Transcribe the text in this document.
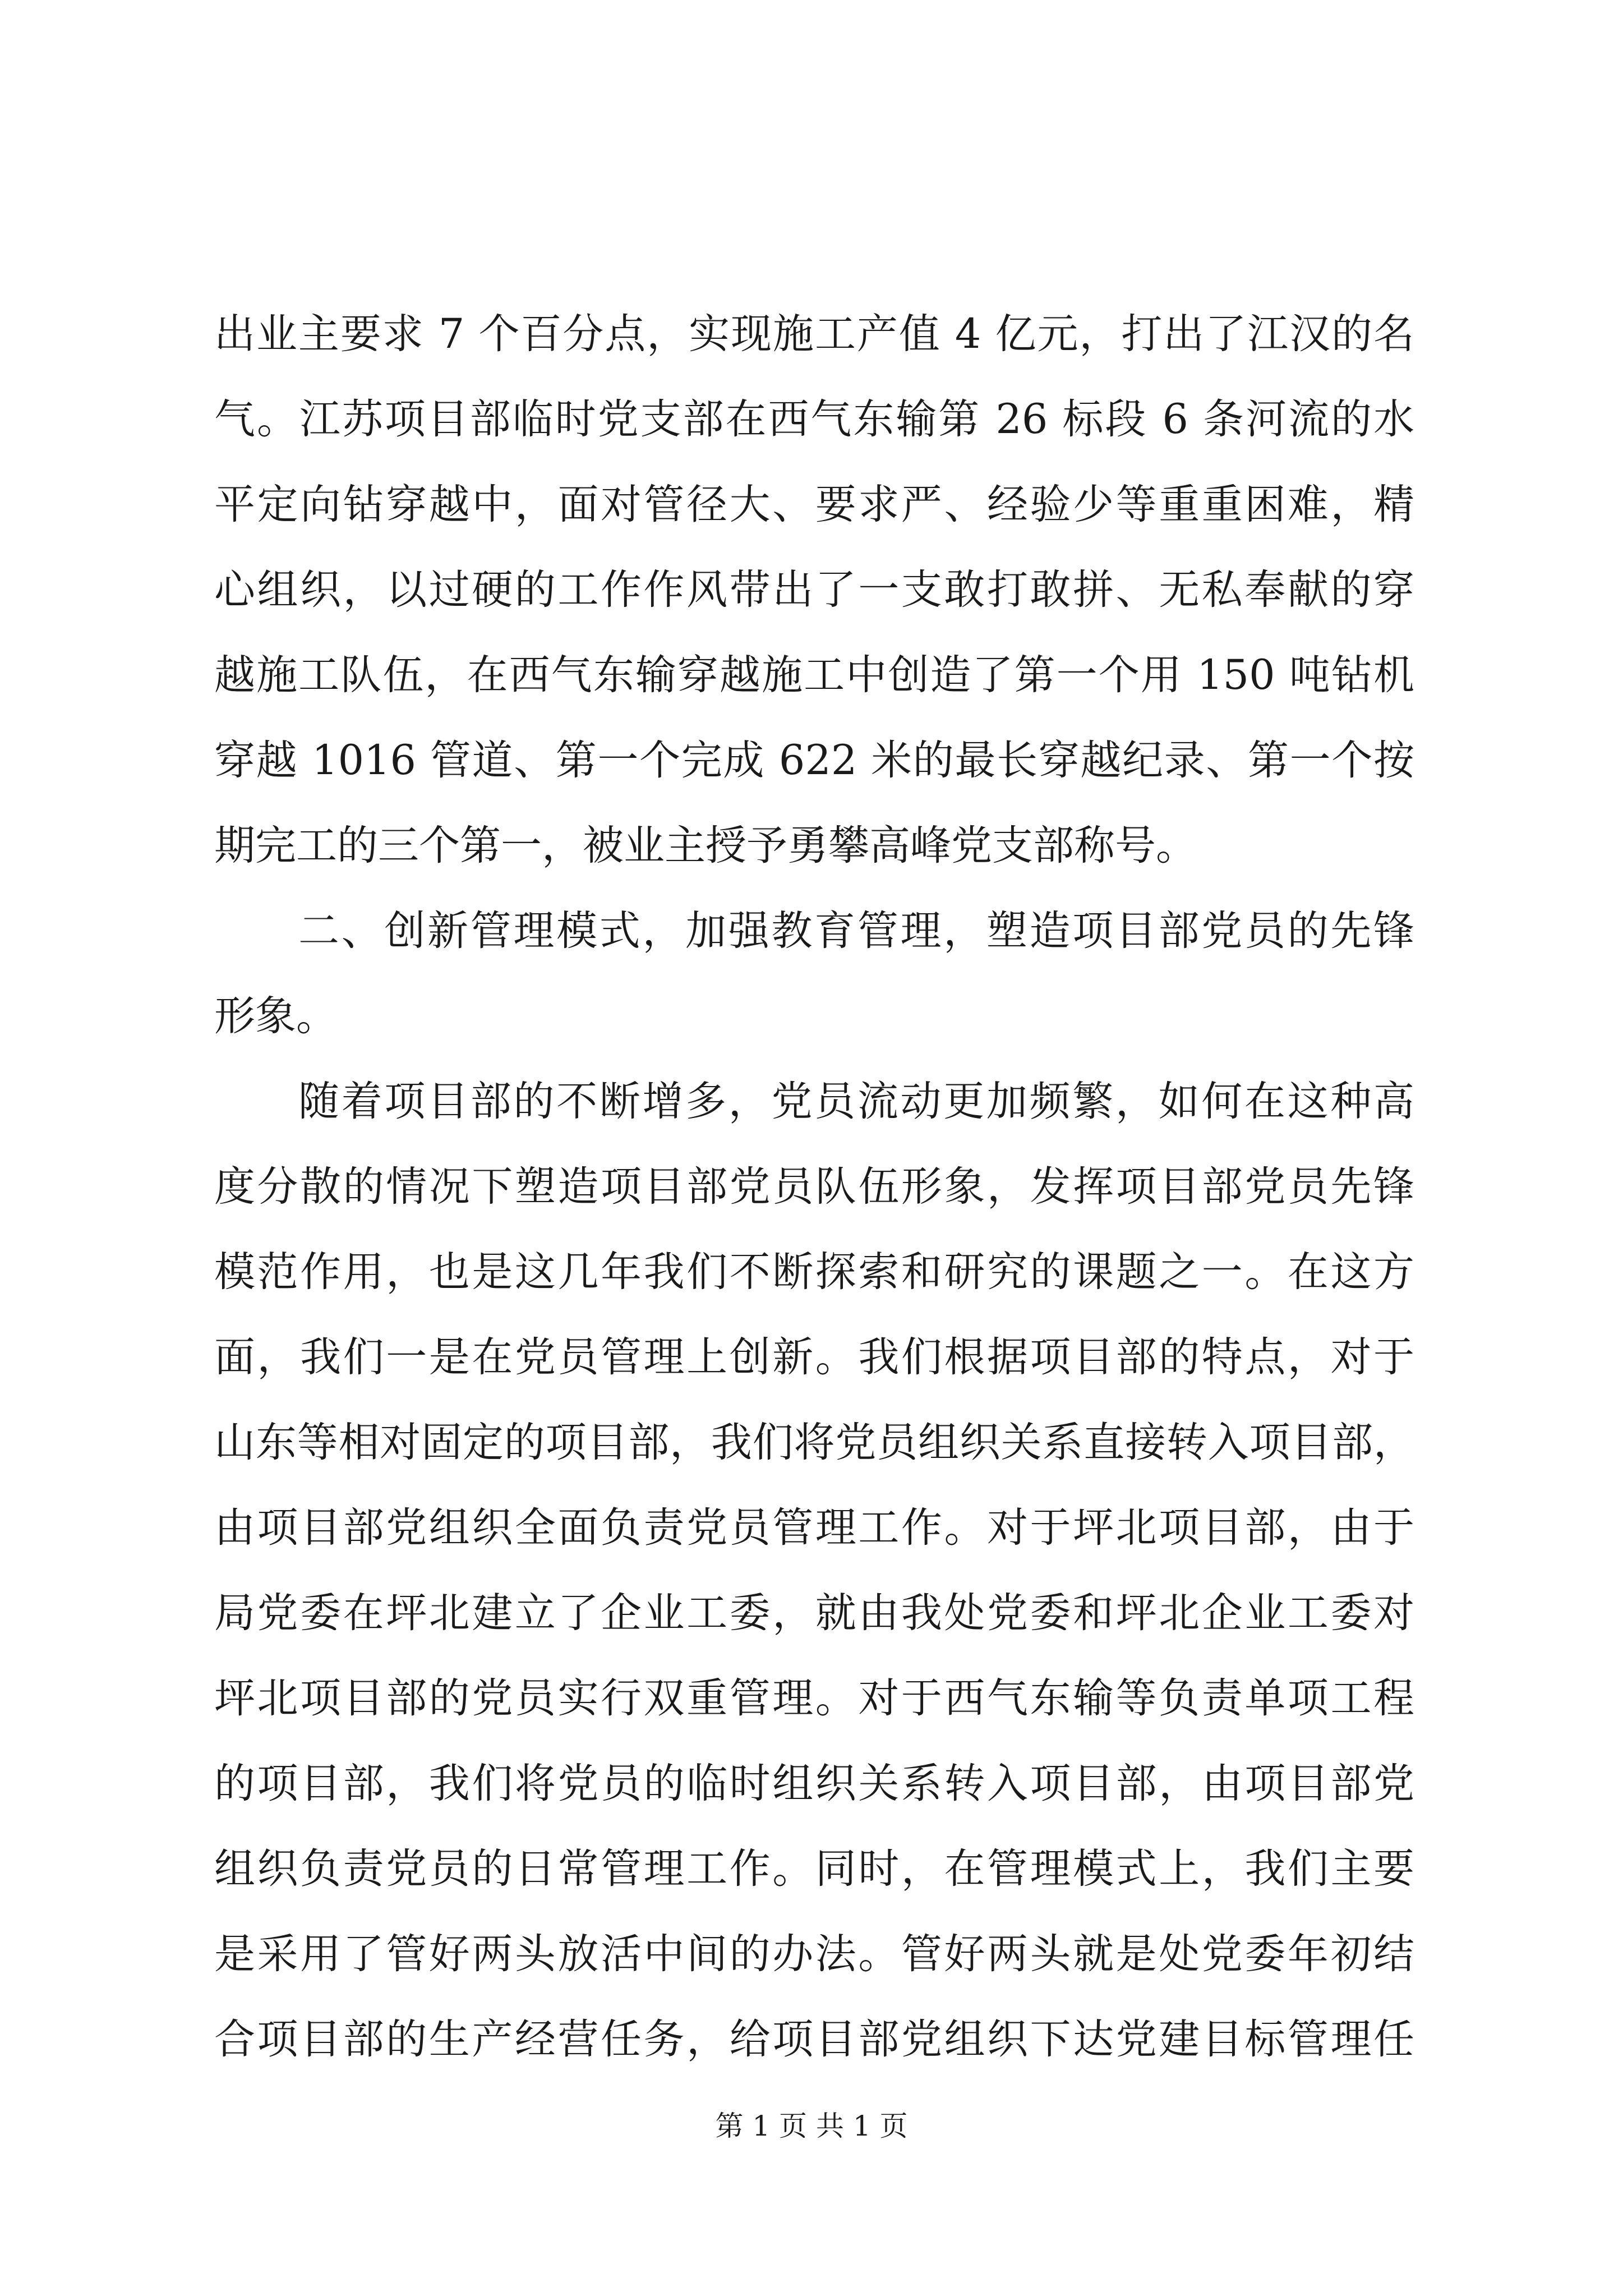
出业主要求 7 个百分点，实现施工产值 4 亿元，打出了江汉的名
气。江苏项目部临时党支部在西气东输第 26 标段 6 条河流的水
平定向钻穿越中，面对管径大、要求严、经验少等重重困难，精
心组织，以过硬的工作作风带出了一支敢打敢拼、无私奉献的穿
越施工队伍，在西气东输穿越施工中创造了第一个用 150 吨钻机
穿越 1016 管道、第一个完成 622 米的最长穿越纪录、第一个按
期完工的三个第一，被业主授予勇攀高峰党支部称号。
二、创新管理模式，加强教育管理，塑造项目部党员的先锋
形象。
随着项目部的不断增多，党员流动更加频繁，如何在这种高
度分散的情况下塑造项目部党员队伍形象，发挥项目部党员先锋
模范作用，也是这几年我们不断探索和研究的课题之一。在这方
面，我们一是在党员管理上创新。我们根据项目部的特点，对于
山东等相对固定的项目部，我们将党员组织关系直接转入项目部，
由项目部党组织全面负责党员管理工作。对于坪北项目部，由于
局党委在坪北建立了企业工委，就由我处党委和坪北企业工委对
坪北项目部的党员实行双重管理。对于西气东输等负责单项工程
的项目部，我们将党员的临时组织关系转入项目部，由项目部党
组织负责党员的日常管理工作。同时，在管理模式上，我们主要
是采用了管好两头放活中间的办法。管好两头就是处党委年初结
合项目部的生产经营任务，给项目部党组织下达党建目标管理任
第 1 页 共 1 页
